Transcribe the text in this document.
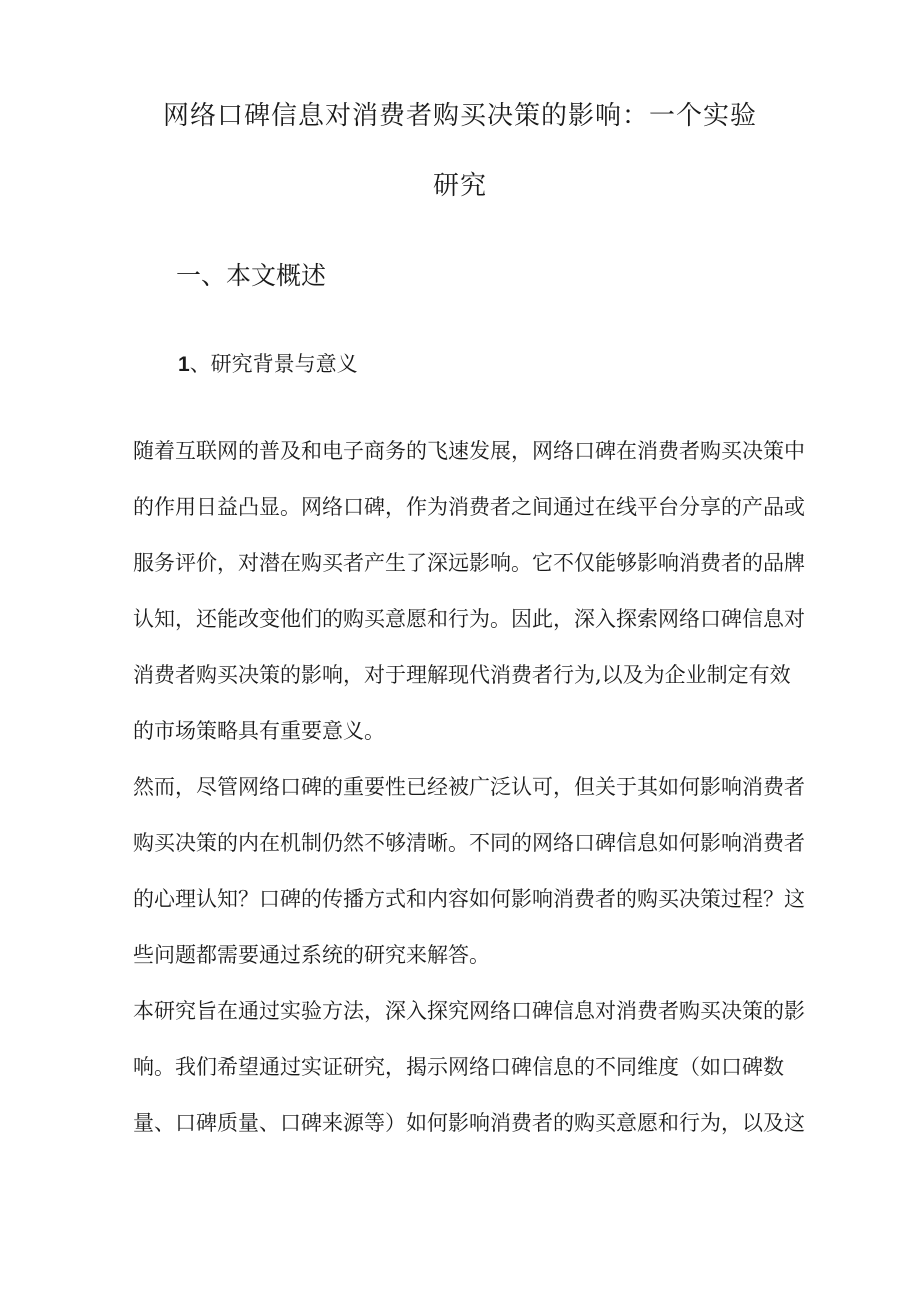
网络口碑信息对消费者购买决策的影响：一个实验
研究
一、本文概述
1、研究背景与意义
随着互联网的普及和电子商务的飞速发展，网络口碑在消费者购买决策中
的作用日益凸显。网络口碑，作为消费者之间通过在线平台分享的产品或
服务评价，对潜在购买者产生了深远影响。它不仅能够影响消费者的品牌
认知，还能改变他们的购买意愿和行为。因此，深入探索网络口碑信息对
消费者购买决策的影响，对于理解现代消费者行为,以及为企业制定有效
的市场策略具有重要意义。
然而，尽管网络口碑的重要性已经被广泛认可，但关于其如何影响消费者
购买决策的内在机制仍然不够清晰。不同的网络口碑信息如何影响消费者
的心理认知？口碑的传播方式和内容如何影响消费者的购买决策过程？这
些问题都需要通过系统的研究来解答。
本研究旨在通过实验方法，深入探究网络口碑信息对消费者购买决策的影
响。我们希望通过实证研究，揭示网络口碑信息的不同维度（如口碑数
量、口碑质量、口碑来源等）如何影响消费者的购买意愿和行为，以及这
